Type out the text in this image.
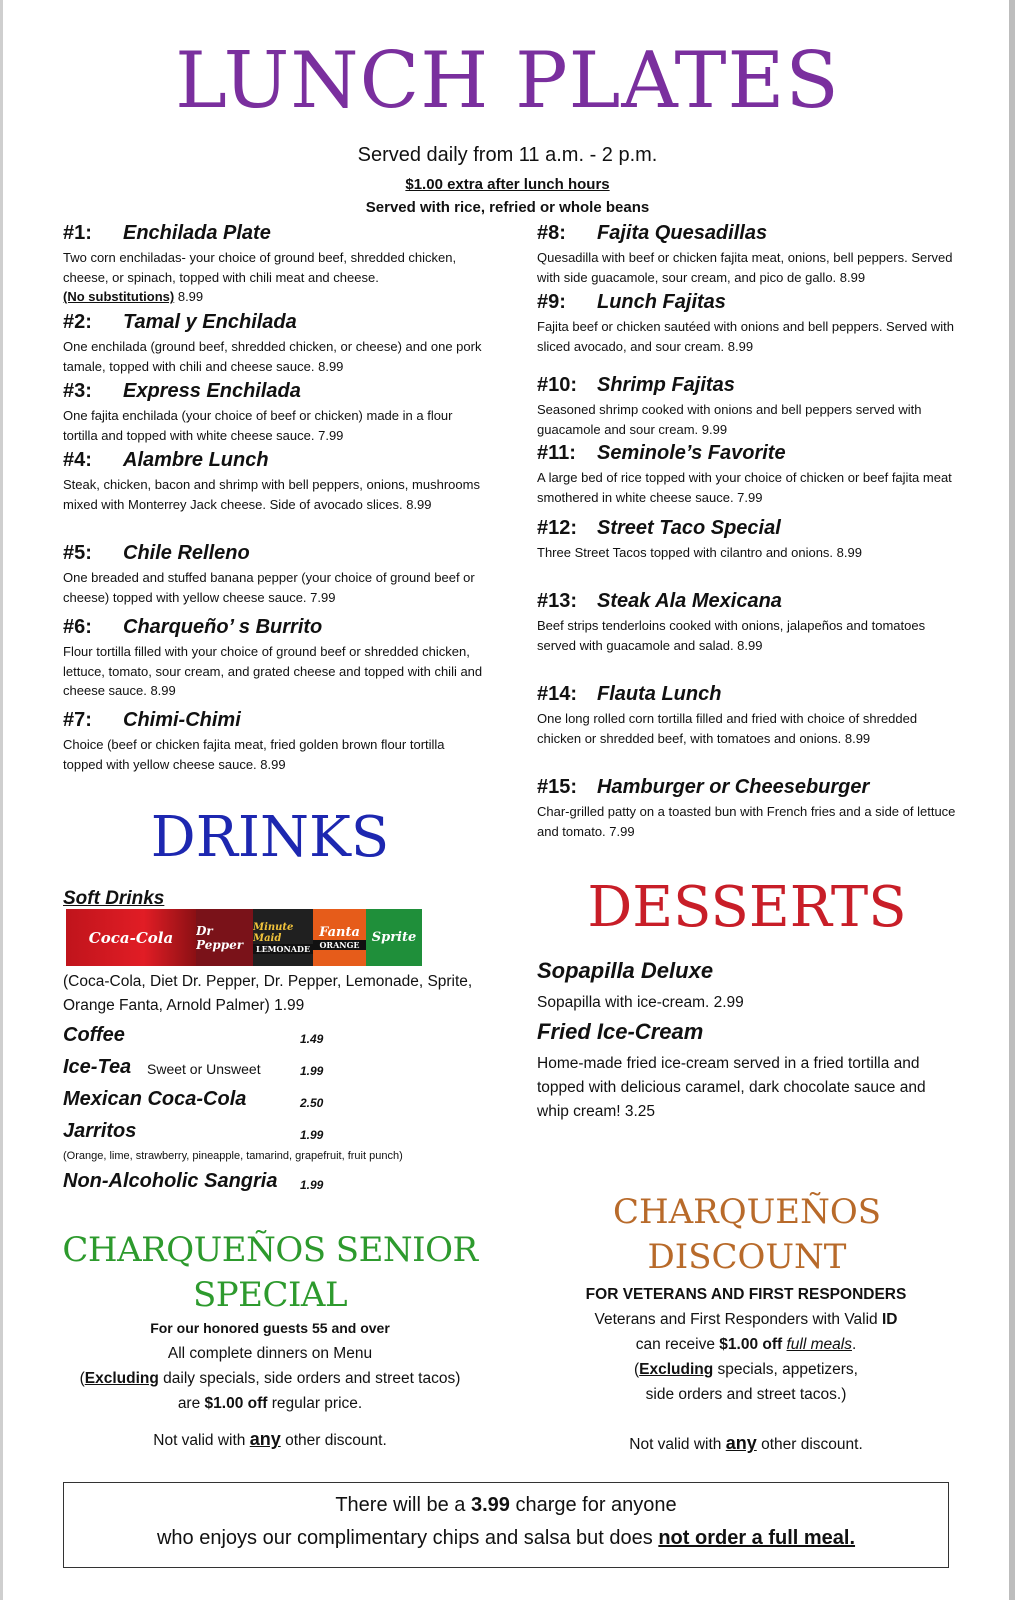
LUNCH PLATES
Served daily from 11 a.m. - 2 p.m.
$1.00 extra after lunch hours
Served with rice, refried or whole beans
#1: Enchilada Plate
Two corn enchiladas- your choice of ground beef, shredded chicken, cheese, or spinach, topped with chili meat and cheese.
(No substitutions) 8.99
#2: Tamal y Enchilada
One enchilada (ground beef, shredded chicken, or cheese) and one pork tamale, topped with chili and cheese sauce. 8.99
#3: Express Enchilada
One fajita enchilada (your choice of beef or chicken) made in a flour tortilla and topped with white cheese sauce. 7.99
#4: Alambre Lunch
Steak, chicken, bacon and shrimp with bell peppers, onions, mushrooms mixed with Monterrey Jack cheese. Side of avocado slices. 8.99
#5: Chile Relleno
One breaded and stuffed banana pepper (your choice of ground beef or cheese) topped with yellow cheese sauce. 7.99
#6: Charqueño’ s Burrito
Flour tortilla filled with your choice of ground beef or shredded chicken, lettuce, tomato, sour cream, and grated cheese and topped with chili and cheese sauce. 8.99
#7: Chimi-Chimi
Choice (beef or chicken fajita meat, fried golden brown flour tortilla topped with yellow cheese sauce. 8.99
#8: Fajita Quesadillas
Quesadilla with beef or chicken fajita meat, onions, bell peppers. Served with side guacamole, sour cream, and pico de gallo. 8.99
#9: Lunch Fajitas
Fajita beef or chicken sautéed with onions and bell peppers. Served with sliced avocado, and sour cream. 8.99
#10: Shrimp Fajitas
Seasoned shrimp cooked with onions and bell peppers served with guacamole and sour cream. 9.99
#11: Seminole’s Favorite
A large bed of rice topped with your choice of chicken or beef fajita meat smothered in white cheese sauce. 7.99
#12: Street Taco Special
Three Street Tacos topped with cilantro and onions. 8.99
#13: Steak Ala Mexicana
Beef strips tenderloins cooked with onions, jalapeños and tomatoes served with guacamole and salad. 8.99
#14: Flauta Lunch
One long rolled corn tortilla filled and fried with choice of shredded chicken or shredded beef, with tomatoes and onions. 8.99
#15: Hamburger or Cheeseburger
Char-grilled patty on a toasted bun with French fries and a side of lettuce and tomato. 7.99
DRINKS
Soft Drinks
Coca-Cola	Dr Pepper
Minute Maid
LEMONADE
Fanta
ORANGE Sprite
(Coca-Cola, Diet Dr. Pepper, Dr. Pepper, Lemonade, Sprite, Orange Fanta, Arnold Palmer) 1.99
Coffee	1.49
Ice-Tea Sweet or Unsweet	1.99
Mexican Coca-Cola	2.50
Jarritos	1.99
(Orange, lime, strawberry, pineapple, tamarind, grapefruit, fruit punch)
Non-Alcoholic Sangria 1.99
DESSERTS
Sopapilla Deluxe
Sopapilla with ice-cream. 2.99
Fried Ice-Cream
Home-made fried ice-cream served in a fried tortilla and topped with delicious caramel, dark chocolate sauce and whip cream! 3.25
CHARQUEÑOS SENIOR
SPECIAL
For our honored guests 55 and over
All complete dinners on Menu
(Excluding daily specials, side orders and street tacos)
are $1.00 off regular price.
Not valid with any other discount.
CHARQUEÑOS
DISCOUNT
FOR VETERANS AND FIRST RESPONDERS
Veterans and First Responders with Valid ID
can receive $1.00 off full meals.
(Excluding specials, appetizers,
side orders and street tacos.)
Not valid with any other discount.
There will be a 3.99 charge for anyone
who enjoys our complimentary chips and salsa but does not order a full meal.
